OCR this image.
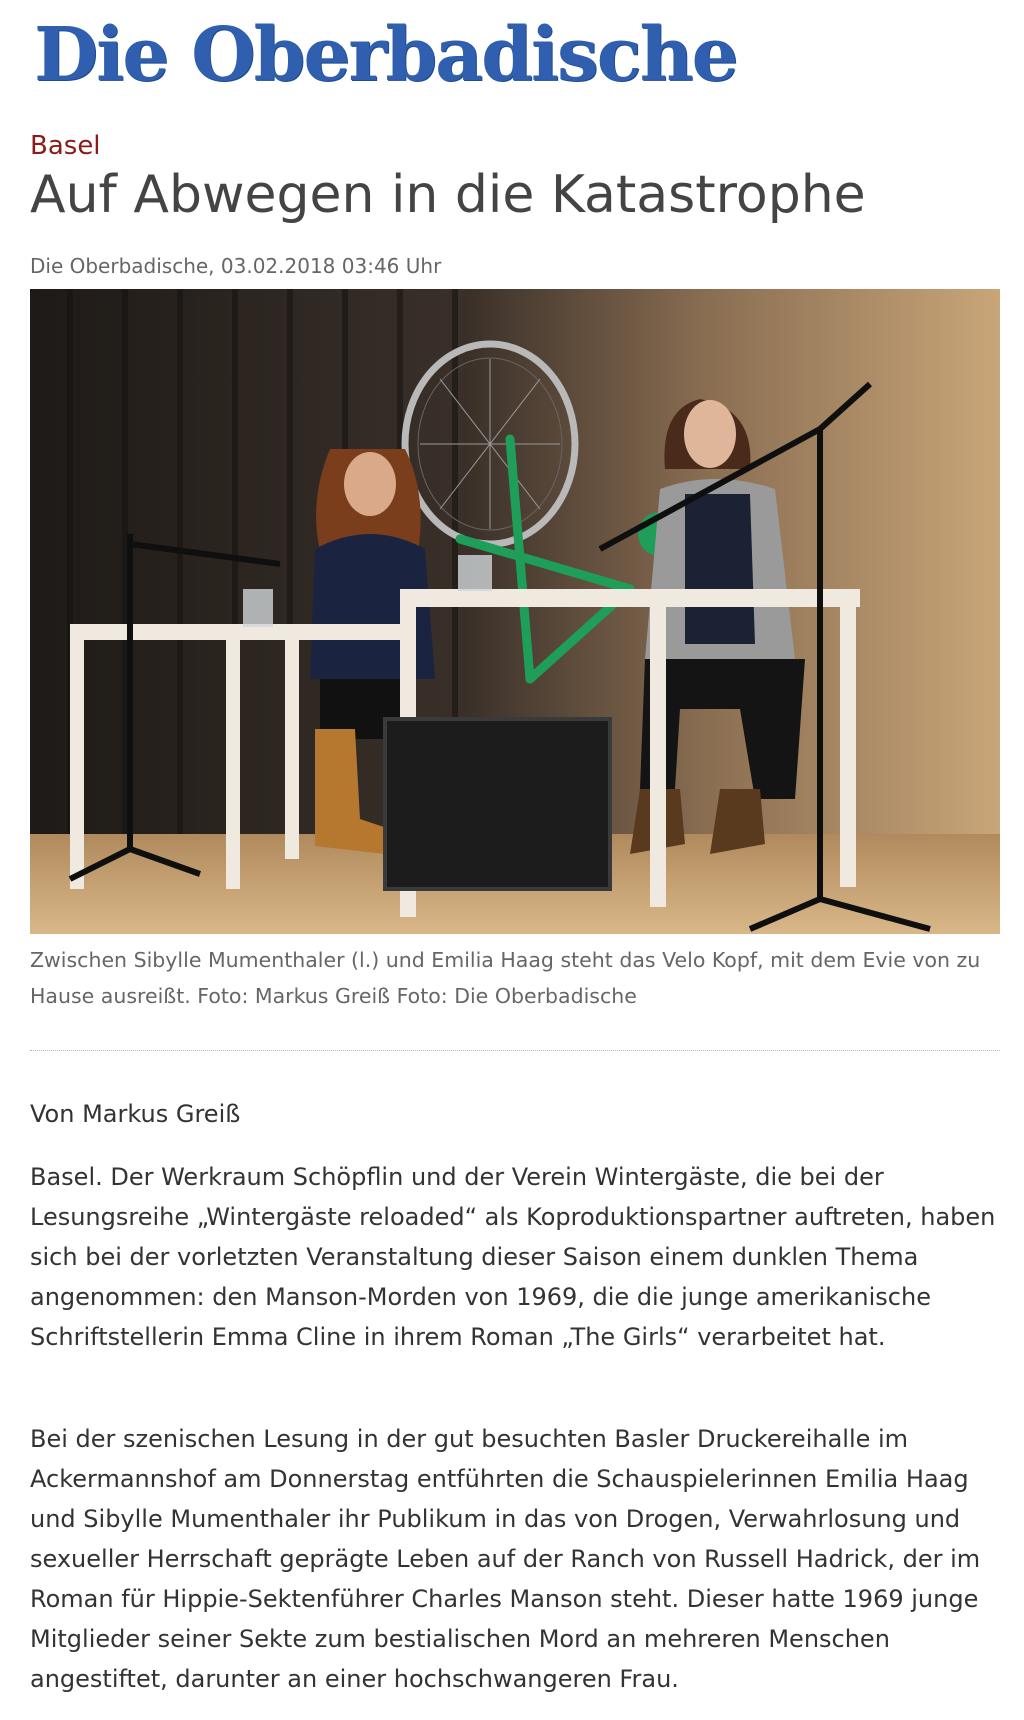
Die Oberbadische
Basel
Auf Abwegen in die Katastrophe
Die Oberbadische, 03.02.2018 03:46 Uhr
Zwischen Sibylle Mumenthaler (l.) und Emilia Haag steht das Velo Kopf, mit dem Evie von zu Hause ausreißt. Foto: Markus Greiß Foto: Die Oberbadische
Von Markus Greiß

Basel. Der Werkraum Schöpflin und der Verein Wintergäste, die bei der Lesungsreihe „Wintergäste reloaded“ als Koproduktionspartner auftreten, haben sich bei der vorletzten Veranstaltung dieser Saison einem dunklen Thema angenommen: den Manson-Morden von 1969, die die junge amerikanische Schriftstellerin Emma Cline in ihrem Roman „The Girls“ verarbeitet hat.

Bei der szenischen Lesung in der gut besuchten Basler Druckereihalle im Ackermannshof am Donnerstag entführten die Schauspielerinnen Emilia Haag und Sibylle Mumenthaler ihr Publikum in das von Drogen, Verwahrlosung und sexueller Herrschaft geprägte Leben auf der Ranch von Russell Hadrick, der im Roman für Hippie-Sektenführer Charles Manson steht. Dieser hatte 1969 junge Mitglieder seiner Sekte zum bestialischen Mord an mehreren Menschen angestiftet, darunter an einer hochschwangeren Frau.
